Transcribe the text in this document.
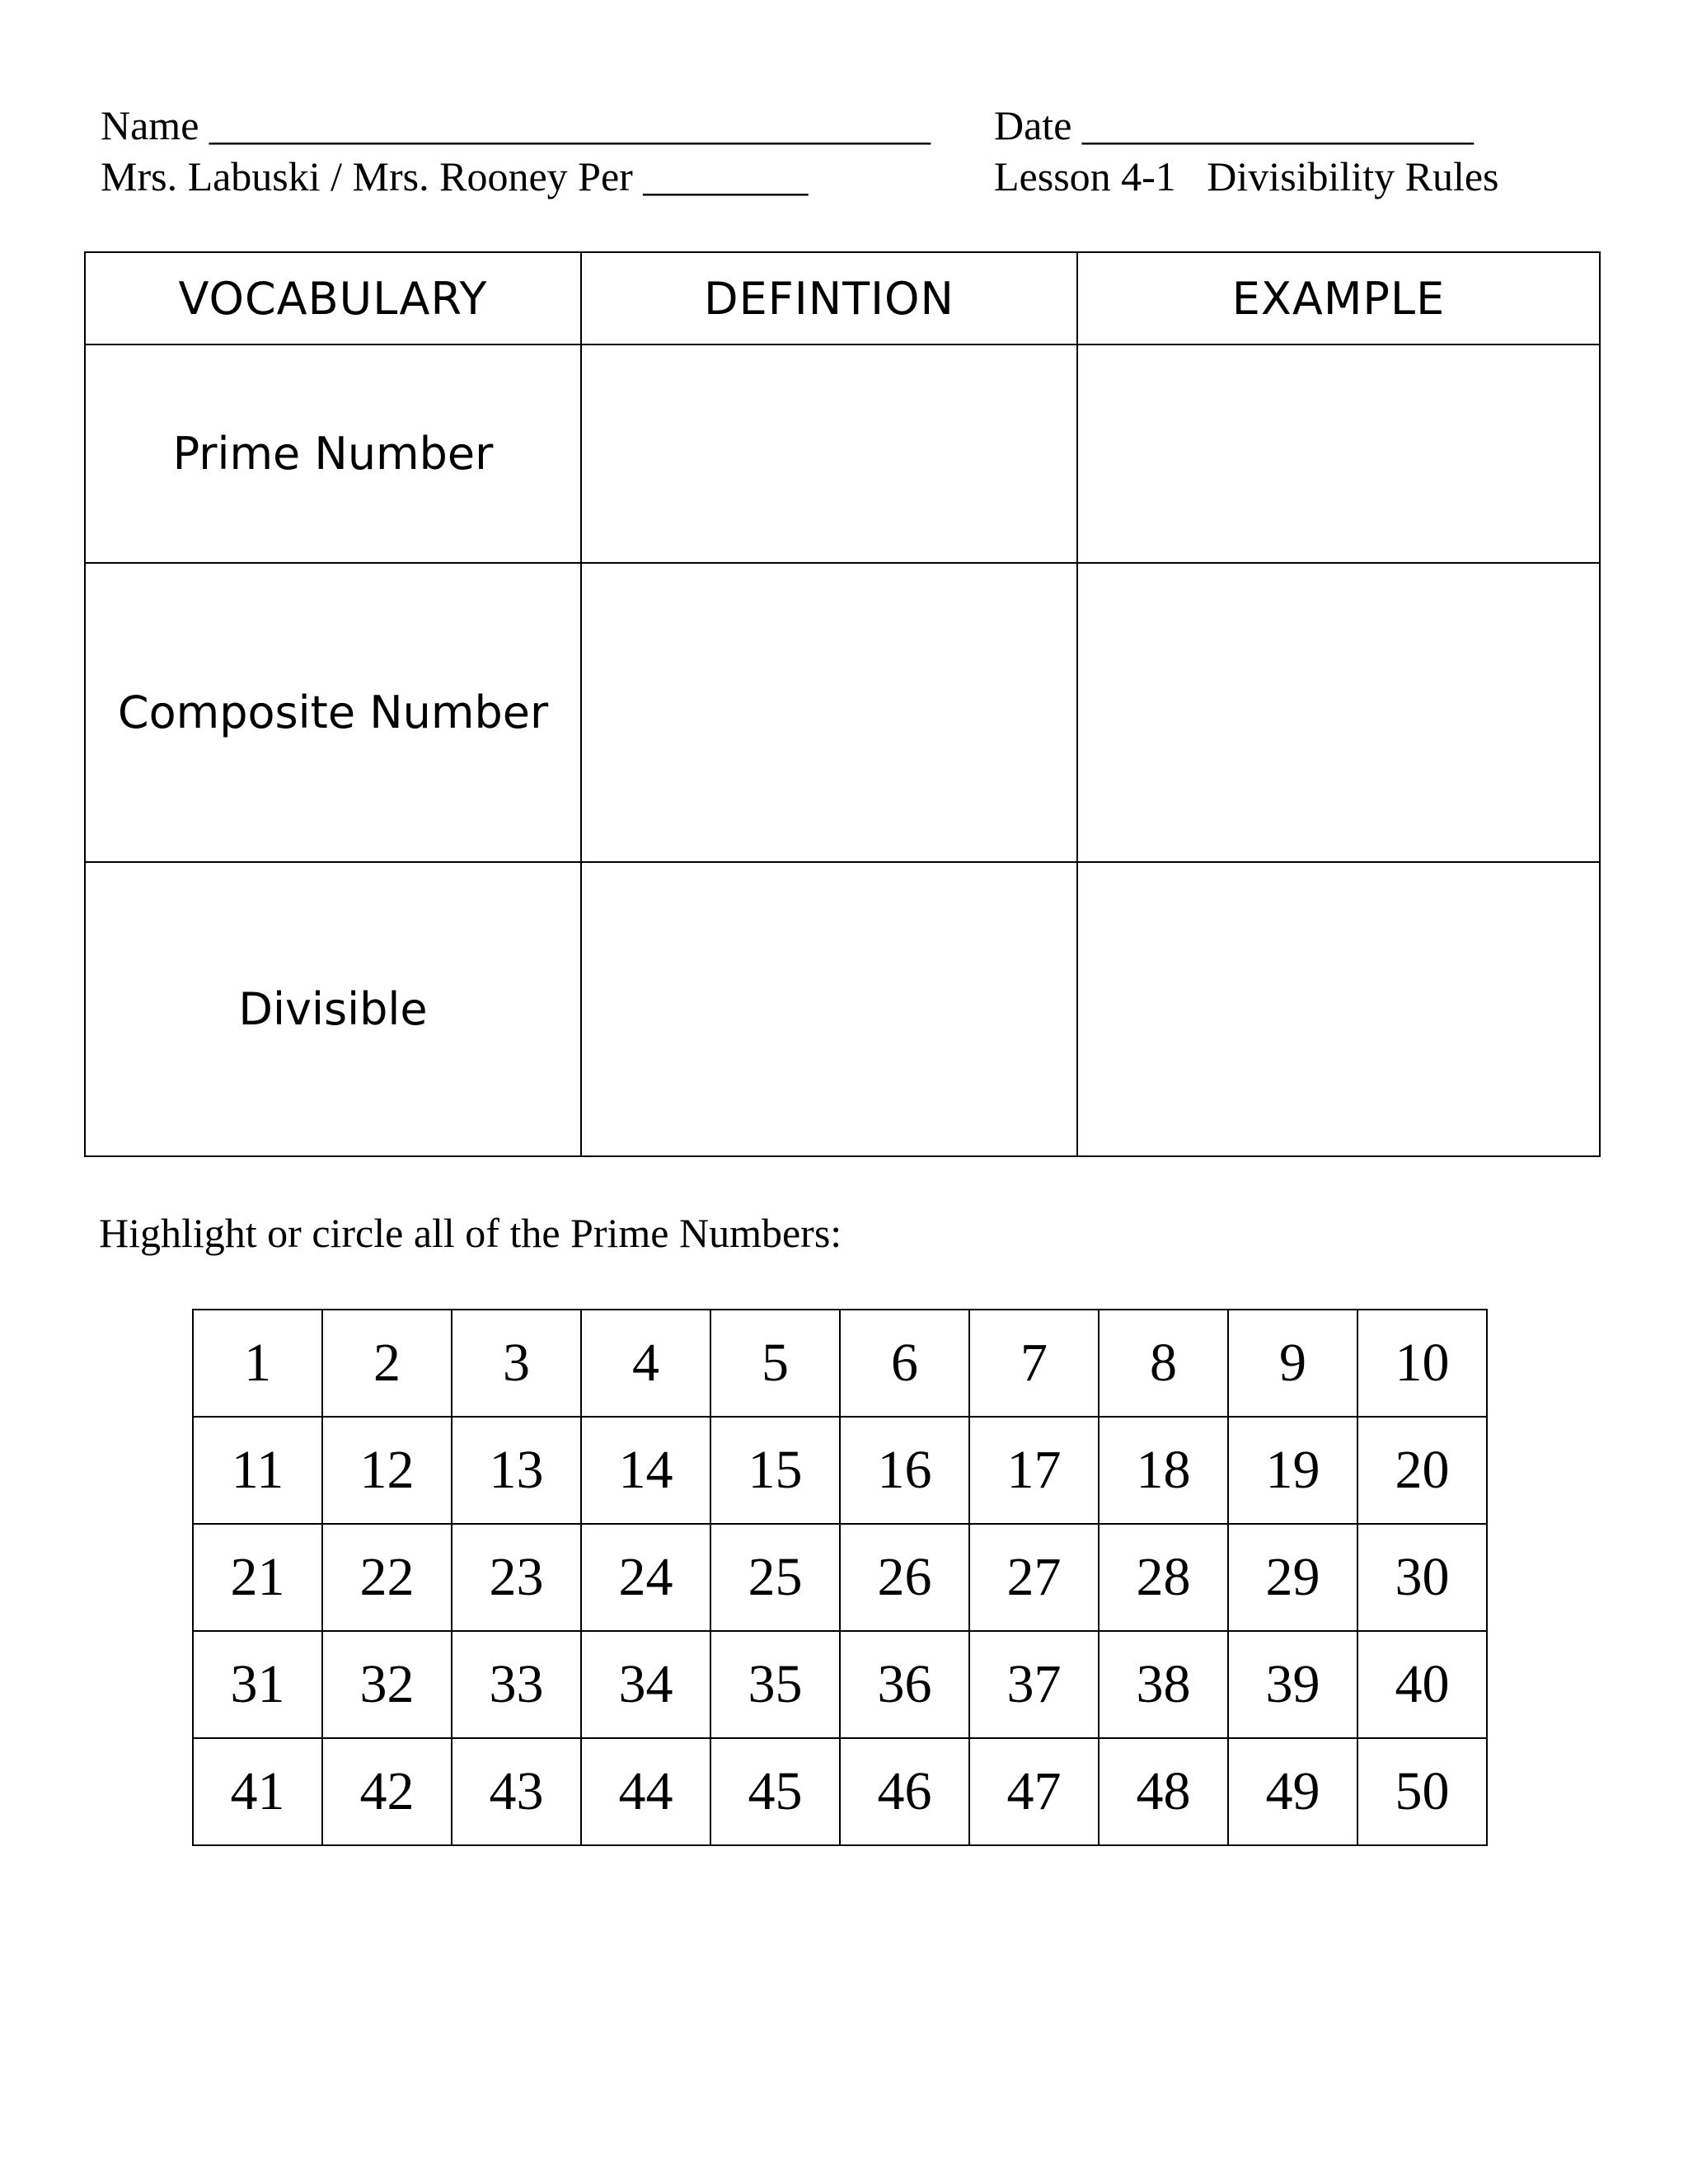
Name ___________________________________
Mrs. Labuski / Mrs. Rooney Per ________
Date ___________________
Lesson 4-1   Divisibility Rules
VOCABULARY	DEFINTION	EXAMPLE
Prime Number		
Composite Number		
Divisible		
Highlight or circle all of the Prime Numbers:
1	2	3	4	5	6	7	8	9	10
11	12	13	14	15	16	17	18	19	20
21	22	23	24	25	26	27	28	29	30
31	32	33	34	35	36	37	38	39	40
41	42	43	44	45	46	47	48	49	50
